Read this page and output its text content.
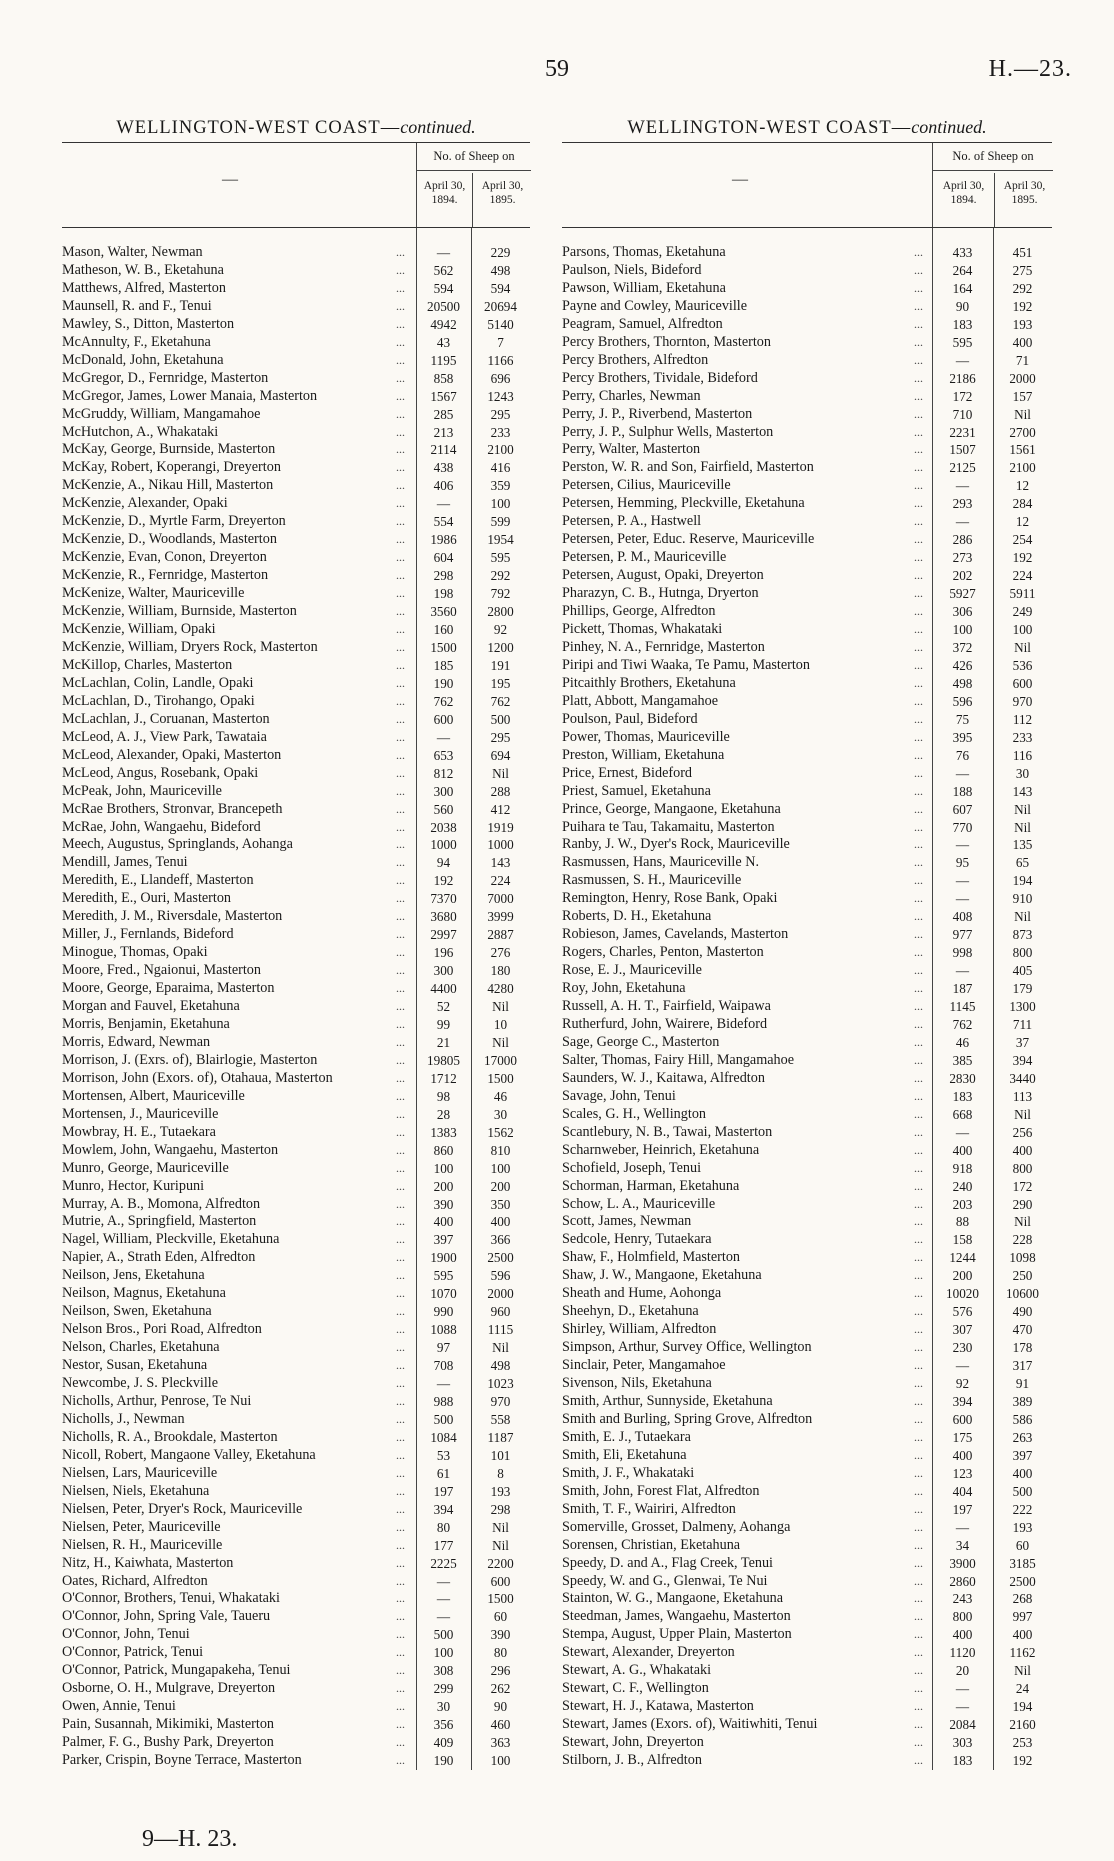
59	H.—23.
WELLINGTON-WEST COAST—continued.
—
No. of Sheep on
April 30, 1894.
April 30, 1895.
Mason, Walter, Newman	...	—	229
Matheson, W. B., Eketahuna	...	562	498
Matthews, Alfred, Masterton	...	594	594
Maunsell, R. and F., Tenui	...	20500	20694
Mawley, S., Ditton, Masterton	...	4942	5140
McAnnulty, F., Eketahuna	...	43	7
McDonald, John, Eketahuna	...	1195	1166
McGregor, D., Fernridge, Masterton	...	858	696
McGregor, James, Lower Manaia, Masterton	...	1567	1243
McGruddy, William, Mangamahoe	...	285	295
McHutchon, A., Whakataki	...	213	233
McKay, George, Burnside, Masterton	...	2114	2100
McKay, Robert, Koperangi, Dreyerton	...	438	416
McKenzie, A., Nikau Hill, Masterton	...	406	359
McKenzie, Alexander, Opaki	...	—	100
McKenzie, D., Myrtle Farm, Dreyerton	...	554	599
McKenzie, D., Woodlands, Masterton	...	1986	1954
McKenzie, Evan, Conon, Dreyerton	...	604	595
McKenzie, R., Fernridge, Masterton	...	298	292
McKenize, Walter, Mauriceville	...	198	792
McKenzie, William, Burnside, Masterton	...	3560	2800
McKenzie, William, Opaki	...	160	92
McKenzie, William, Dryers Rock, Masterton	...	1500	1200
McKillop, Charles, Masterton	...	185	191
McLachlan, Colin, Landle, Opaki	...	190	195
McLachlan, D., Tirohango, Opaki	...	762	762
McLachlan, J., Coruanan, Masterton	...	600	500
McLeod, A. J., View Park, Tawataia	...	—	295
McLeod, Alexander, Opaki, Masterton	...	653	694
McLeod, Angus, Rosebank, Opaki	...	812	Nil
McPeak, John, Mauriceville	...	300	288
McRae Brothers, Stronvar, Brancepeth	...	560	412
McRae, John, Wangaehu, Bideford	...	2038	1919
Meech, Augustus, Springlands, Aohanga	...	1000	1000
Mendill, James, Tenui	...	94	143
Meredith, E., Llandeff, Masterton	...	192	224
Meredith, E., Ouri, Masterton	...	7370	7000
Meredith, J. M., Riversdale, Masterton	...	3680	3999
Miller, J., Fernlands, Bideford	...	2997	2887
Minogue, Thomas, Opaki	...	196	276
Moore, Fred., Ngaionui, Masterton	...	300	180
Moore, George, Eparaima, Masterton	...	4400	4280
Morgan and Fauvel, Eketahuna	...	52	Nil
Morris, Benjamin, Eketahuna	...	99	10
Morris, Edward, Newman	...	21	Nil
Morrison, J. (Exrs. of), Blairlogie, Masterton	...	19805	17000
Morrison, John (Exors. of), Otahaua, Masterton	...	1712	1500
Mortensen, Albert, Mauriceville	...	98	46
Mortensen, J., Mauriceville	...	28	30
Mowbray, H. E., Tutaekara	...	1383	1562
Mowlem, John, Wangaehu, Masterton	...	860	810
Munro, George, Mauriceville	...	100	100
Munro, Hector, Kuripuni	...	200	200
Murray, A. B., Momona, Alfredton	...	390	350
Mutrie, A., Springfield, Masterton	...	400	400
Nagel, William, Pleckville, Eketahuna	...	397	366
Napier, A., Strath Eden, Alfredton	...	1900	2500
Neilson, Jens, Eketahuna	...	595	596
Neilson, Magnus, Eketahuna	...	1070	2000
Neilson, Swen, Eketahuna	...	990	960
Nelson Bros., Pori Road, Alfredton	...	1088	1115
Nelson, Charles, Eketahuna	...	97	Nil
Nestor, Susan, Eketahuna	...	708	498
Newcombe, J. S. Pleckville	...	—	1023
Nicholls, Arthur, Penrose, Te Nui	...	988	970
Nicholls, J., Newman	...	500	558
Nicholls, R. A., Brookdale, Masterton	...	1084	1187
Nicoll, Robert, Mangaone Valley, Eketahuna	...	53	101
Nielsen, Lars, Mauriceville	...	61	8
Nielsen, Niels, Eketahuna	...	197	193
Nielsen, Peter, Dryer's Rock, Mauriceville	...	394	298
Nielsen, Peter, Mauriceville	...	80	Nil
Nielsen, R. H., Mauriceville	...	177	Nil
Nitz, H., Kaiwhata, Masterton	...	2225	2200
Oates, Richard, Alfredton	...	—	600
O'Connor, Brothers, Tenui, Whakataki	...	—	1500
O'Connor, John, Spring Vale, Taueru	...	—	60
O'Connor, John, Tenui	...	500	390
O'Connor, Patrick, Tenui	...	100	80
O'Connor, Patrick, Mungapakeha, Tenui	...	308	296
Osborne, O. H., Mulgrave, Dreyerton	...	299	262
Owen, Annie, Tenui	...	30	90
Pain, Susannah, Mikimiki, Masterton	...	356	460
Palmer, F. G., Bushy Park, Dreyerton	...	409	363
Parker, Crispin, Boyne Terrace, Masterton	...	190	100
WELLINGTON-WEST COAST—continued.
—
No. of Sheep on
April 30, 1894.
April 30, 1895.
Parsons, Thomas, Eketahuna	...	433	451
Paulson, Niels, Bideford	...	264	275
Pawson, William, Eketahuna	...	164	292
Payne and Cowley, Mauriceville	...	90	192
Peagram, Samuel, Alfredton	...	183	193
Percy Brothers, Thornton, Masterton	...	595	400
Percy Brothers, Alfredton	...	—	71
Percy Brothers, Tividale, Bideford	...	2186	2000
Perry, Charles, Newman	...	172	157
Perry, J. P., Riverbend, Masterton	...	710	Nil
Perry, J. P., Sulphur Wells, Masterton	...	2231	2700
Perry, Walter, Masterton	...	1507	1561
Perston, W. R. and Son, Fairfield, Masterton	...	2125	2100
Petersen, Cilius, Mauriceville	...	—	12
Petersen, Hemming, Pleckville, Eketahuna	...	293	284
Petersen, P. A., Hastwell	...	—	12
Petersen, Peter, Educ. Reserve, Mauriceville	...	286	254
Petersen, P. M., Mauriceville	...	273	192
Petersen, August, Opaki, Dreyerton	...	202	224
Pharazyn, C. B., Hutnga, Dryerton	...	5927	5911
Phillips, George, Alfredton	...	306	249
Pickett, Thomas, Whakataki	...	100	100
Pinhey, N. A., Fernridge, Masterton	...	372	Nil
Piripi and Tiwi Waaka, Te Pamu, Masterton	...	426	536
Pitcaithly Brothers, Eketahuna	...	498	600
Platt, Abbott, Mangamahoe	...	596	970
Poulson, Paul, Bideford	...	75	112
Power, Thomas, Mauriceville	...	395	233
Preston, William, Eketahuna	...	76	116
Price, Ernest, Bideford	...	—	30
Priest, Samuel, Eketahuna	...	188	143
Prince, George, Mangaone, Eketahuna	...	607	Nil
Puihara te Tau, Takamaitu, Masterton	...	770	Nil
Ranby, J. W., Dyer's Rock, Mauriceville	...	—	135
Rasmussen, Hans, Mauriceville N.	...	95	65
Rasmussen, S. H., Mauriceville	...	—	194
Remington, Henry, Rose Bank, Opaki	...	—	910
Roberts, D. H., Eketahuna	...	408	Nil
Robieson, James, Cavelands, Masterton	...	977	873
Rogers, Charles, Penton, Masterton	...	998	800
Rose, E. J., Mauriceville	...	—	405
Roy, John, Eketahuna	...	187	179
Russell, A. H. T., Fairfield, Waipawa	...	1145	1300
Rutherfurd, John, Wairere, Bideford	...	762	711
Sage, George C., Masterton	...	46	37
Salter, Thomas, Fairy Hill, Mangamahoe	...	385	394
Saunders, W. J., Kaitawa, Alfredton	...	2830	3440
Savage, John, Tenui	...	183	113
Scales, G. H., Wellington	...	668	Nil
Scantlebury, N. B., Tawai, Masterton	...	—	256
Scharnweber, Heinrich, Eketahuna	...	400	400
Schofield, Joseph, Tenui	...	918	800
Schorman, Harman, Eketahuna	...	240	172
Schow, L. A., Mauriceville	...	203	290
Scott, James, Newman	...	88	Nil
Sedcole, Henry, Tutaekara	...	158	228
Shaw, F., Holmfield, Masterton	...	1244	1098
Shaw, J. W., Mangaone, Eketahuna	...	200	250
Sheath and Hume, Aohonga	...	10020	10600
Sheehyn, D., Eketahuna	...	576	490
Shirley, William, Alfredton	...	307	470
Simpson, Arthur, Survey Office, Wellington	...	230	178
Sinclair, Peter, Mangamahoe	...	—	317
Sivenson, Nils, Eketahuna	...	92	91
Smith, Arthur, Sunnyside, Eketahuna	...	394	389
Smith and Burling, Spring Grove, Alfredton	...	600	586
Smith, E. J., Tutaekara	...	175	263
Smith, Eli, Eketahuna	...	400	397
Smith, J. F., Whakataki	...	123	400
Smith, John, Forest Flat, Alfredton	...	404	500
Smith, T. F., Wairiri, Alfredton	...	197	222
Somerville, Grosset, Dalmeny, Aohanga	...	—	193
Sorensen, Christian, Eketahuna	...	34	60
Speedy, D. and A., Flag Creek, Tenui	...	3900	3185
Speedy, W. and G., Glenwai, Te Nui	...	2860	2500
Stainton, W. G., Mangaone, Eketahuna	...	243	268
Steedman, James, Wangaehu, Masterton	...	800	997
Stempa, August, Upper Plain, Masterton	...	400	400
Stewart, Alexander, Dreyerton	...	1120	1162
Stewart, A. G., Whakataki	...	20	Nil
Stewart, C. F., Wellington	...	—	24
Stewart, H. J., Katawa, Masterton	...	—	194
Stewart, James (Exors. of), Waitiwhiti, Tenui	...	2084	2160
Stewart, John, Dreyerton	...	303	253
Stilborn, J. B., Alfredton	...	183	192
9—H. 23.
